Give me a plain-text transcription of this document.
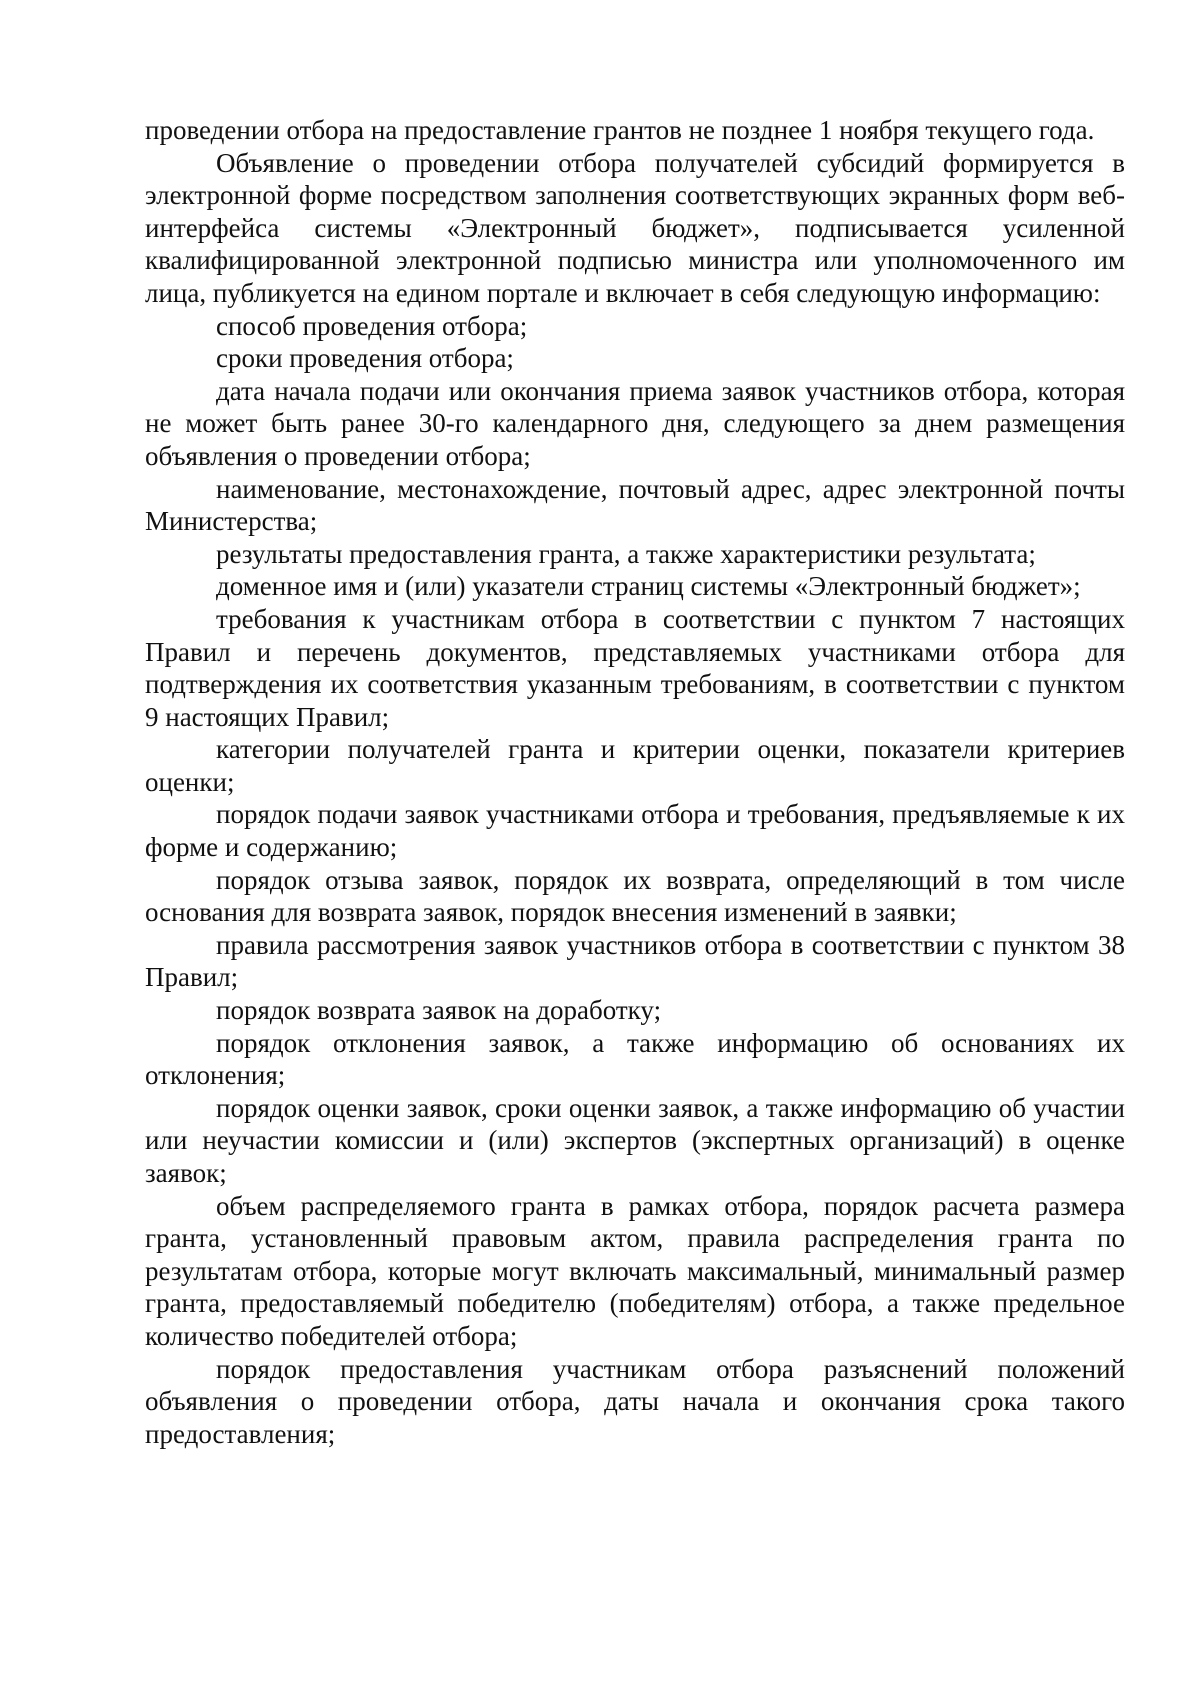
проведении отбора на предоставление грантов не позднее 1 ноября текущего года.

Объявление о проведении отбора получателей субсидий формируется в электронной форме посредством заполнения соответствующих экранных форм веб-интерфейса системы «Электронный бюджет», подписывается усиленной квалифицированной электронной подписью министра или уполномоченного им лица, публикуется на едином портале и включает в себя следующую информацию:

способ проведения отбора;

сроки проведения отбора;

дата начала подачи или окончания приема заявок участников отбора, которая не может быть ранее 30-го календарного дня, следующего за днем размещения объявления о проведении отбора;

наименование, местонахождение, почтовый адрес, адрес электронной почты Министерства;

результаты предоставления гранта, а также характеристики результата;

доменное имя и (или) указатели страниц системы «Электронный бюджет»;

требования к участникам отбора в соответствии с пунктом 7 настоящих Правил и перечень документов, представляемых участниками отбора для подтверждения их соответствия указанным требованиям, в соответствии с пунктом 9 настоящих Правил;

категории получателей гранта и критерии оценки, показатели критериев оценки;

порядок подачи заявок участниками отбора и требования, предъявляемые к их форме и содержанию;

порядок отзыва заявок, порядок их возврата, определяющий в том числе основания для возврата заявок, порядок внесения изменений в заявки;

правила рассмотрения заявок участников отбора в соответствии с пунктом 38 Правил;

порядок возврата заявок на доработку;

порядок отклонения заявок, а также информацию об основаниях их отклонения;

порядок оценки заявок, сроки оценки заявок, а также информацию об участии или неучастии комиссии и (или) экспертов (экспертных организаций) в оценке заявок;

объем распределяемого гранта в рамках отбора, порядок расчета размера гранта, установленный правовым актом, правила распределения гранта по результатам отбора, которые могут включать максимальный, минимальный размер гранта, предоставляемый победителю (победителям) отбора, а также предельное количество победителей отбора;

порядок предоставления участникам отбора разъяснений положений объявления о проведении отбора, даты начала и окончания срока такого предоставления;
